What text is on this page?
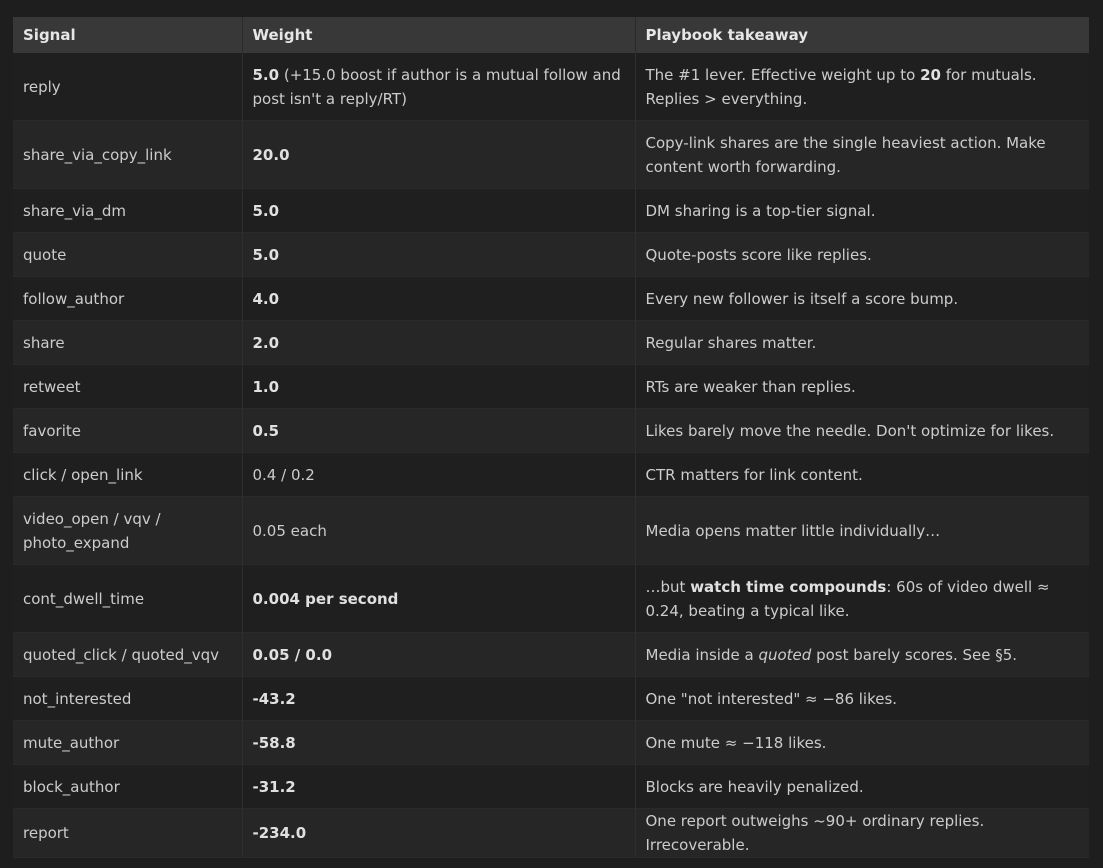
Signal	Weight	Playbook takeaway
reply	5.0 (+15.0 boost if author is a mutual follow and post isn't a reply/RT)	The #1 lever. Effective weight up to 20 for mutuals. Replies > everything.
share_via_copy_link	20.0	Copy-link shares are the single heaviest action. Make content worth forwarding.
share_via_dm	5.0	DM sharing is a top-tier signal.
quote	5.0	Quote-posts score like replies.
follow_author	4.0	Every new follower is itself a score bump.
share	2.0	Regular shares matter.
retweet	1.0	RTs are weaker than replies.
favorite	0.5	Likes barely move the needle. Don't optimize for likes.
click / open_link	0.4 / 0.2	CTR matters for link content.
video_open / vqv / photo_expand	0.05 each	Media opens matter little individually…
cont_dwell_time	0.004 per second	…but watch time compounds: 60s of video dwell ≈ 0.24, beating a typical like.
quoted_click / quoted_vqv	0.05 / 0.0	Media inside a quoted post barely scores. See §5.
not_interested	-43.2	One "not interested" ≈ −86 likes.
mute_author	-58.8	One mute ≈ −118 likes.
block_author	-31.2	Blocks are heavily penalized.
report	-234.0	One report outweighs ~90+ ordinary replies. Irrecoverable.
